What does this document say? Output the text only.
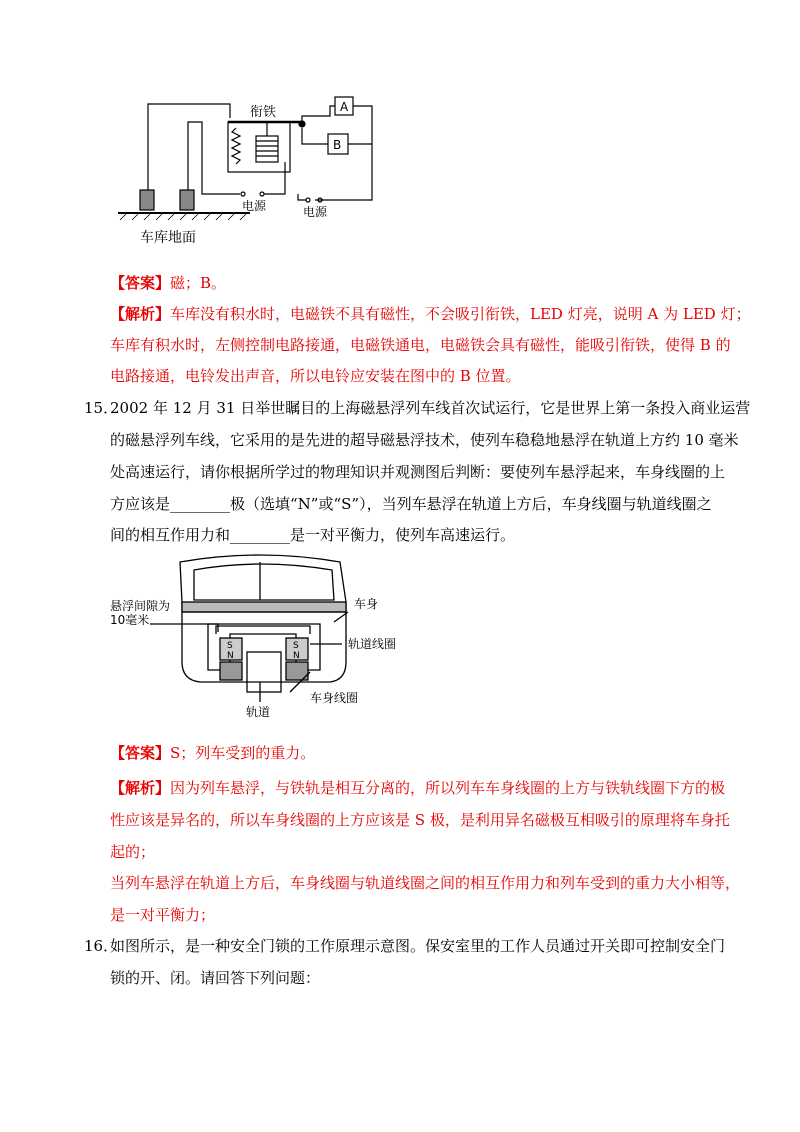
衔铁	A
B
电源	电源
车库地面
【答案】磁；B。
【解析】车库没有积水时，电磁铁不具有磁性，不会吸引衔铁，LED 灯亮，说明 A 为 LED 灯；
车库有积水时，左侧控制电路接通，电磁铁通电，电磁铁会具有磁性，能吸引衔铁，使得 B 的
电路接通，电铃发出声音，所以电铃应安装在图中的 B 位置。
15．
2002 年 12 月 31 日举世瞩目的上海磁悬浮列车线首次试运行，它是世界上第一条投入商业运营
的磁悬浮列车线，它采用的是先进的超导磁悬浮技术，使列车稳稳地悬浮在轨道上方约 10 毫米
处高速运行，请你根据所学过的物理知识并观测图后判断：要使列车悬浮起来，车身线圈的上
方应该是________极（选填“N”或“S”），当列车悬浮在轨道上方后，车身线圈与轨道线圈之
间的相互作用力和________是一对平衡力，使列车高速运行。
悬浮间隙为
10毫米
车身
轨道线圈
车身线圈
轨道
S
N
S
N
【答案】S；列车受到的重力。
【解析】因为列车悬浮，与铁轨是相互分离的，所以列车车身线圈的上方与铁轨线圈下方的极
性应该是异名的，所以车身线圈的上方应该是 S 极，是利用异名磁极互相吸引的原理将车身托
起的；
当列车悬浮在轨道上方后，车身线圈与轨道线圈之间的相互作用力和列车受到的重力大小相等，
是一对平衡力；
16．
如图所示，是一种安全门锁的工作原理示意图。保安室里的工作人员通过开关即可控制安全门
锁的开、闭。请回答下列问题：
